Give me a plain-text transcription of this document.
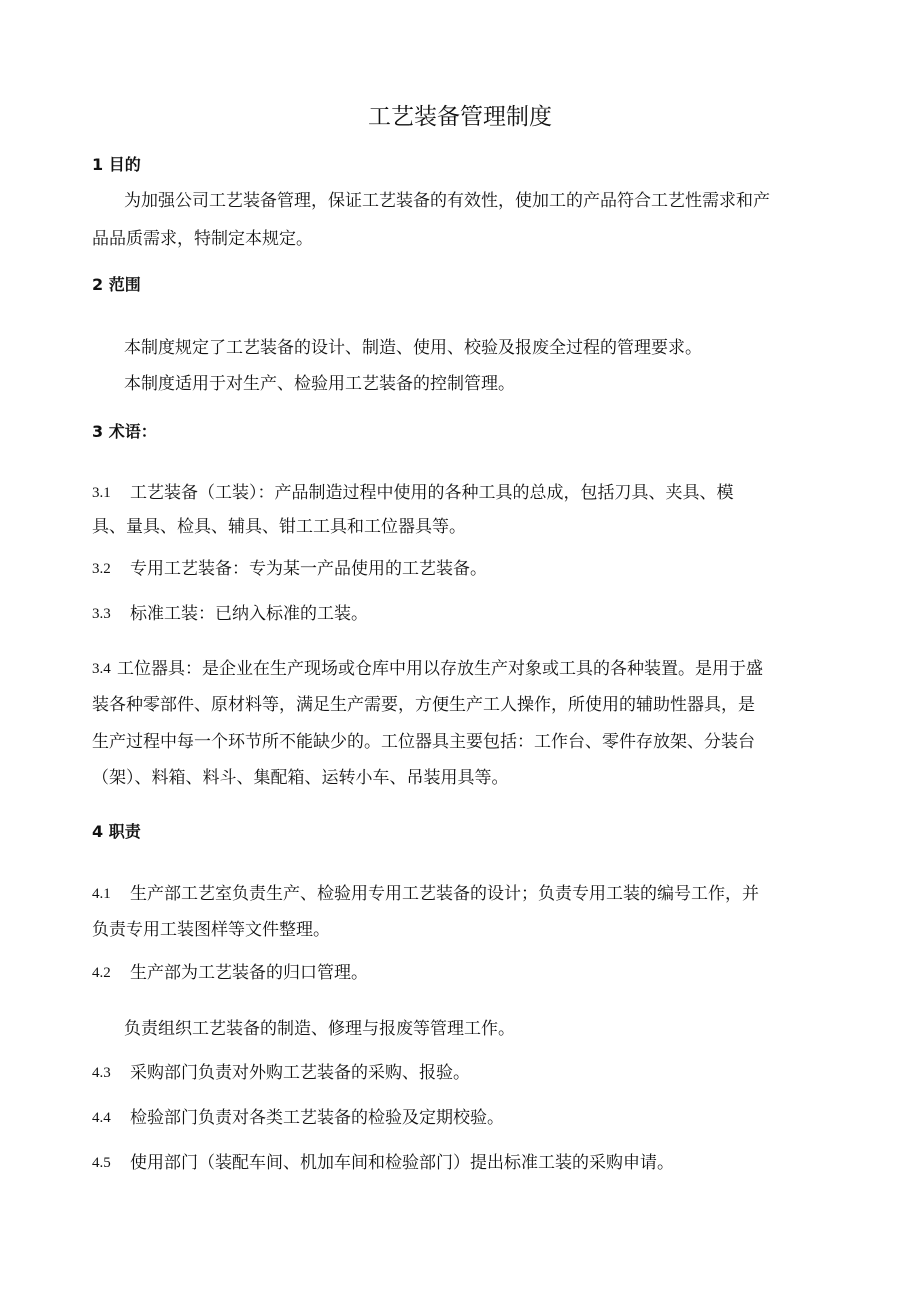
工艺装备管理制度
1 目的
为加强公司工艺装备管理，保证工艺装备的有效性，使加工的产品符合工艺性需求和产
品品质需求，特制定本规定。
2 范围
本制度规定了工艺装备的设计、制造、使用、校验及报废全过程的管理要求。
本制度适用于对生产、检验用工艺装备的控制管理。
3 术语：
3.1 工艺装备（工装）：产品制造过程中使用的各种工具的总成，包括刀具、夹具、模
具、量具、检具、辅具、钳工工具和工位器具等。
3.2 专用工艺装备：专为某一产品使用的工艺装备。
3.3 标准工装：已纳入标准的工装。
3.4 工位器具：是企业在生产现场或仓库中用以存放生产对象或工具的各种装置。是用于盛
装各种零部件、原材料等，满足生产需要，方便生产工人操作，所使用的辅助性器具，是
生产过程中每一个环节所不能缺少的。工位器具主要包括：工作台、零件存放架、分装台
（架）、料箱、料斗、集配箱、运转小车、吊装用具等。
4 职责
4.1 生产部工艺室负责生产、检验用专用工艺装备的设计；负责专用工装的编号工作，并
负责专用工装图样等文件整理。
4.2 生产部为工艺装备的归口管理。
负责组织工艺装备的制造、修理与报废等管理工作。
4.3 采购部门负责对外购工艺装备的采购、报验。
4.4 检验部门负责对各类工艺装备的检验及定期校验。
4.5 使用部门（装配车间、机加车间和检验部门）提出标准工装的采购申请。
